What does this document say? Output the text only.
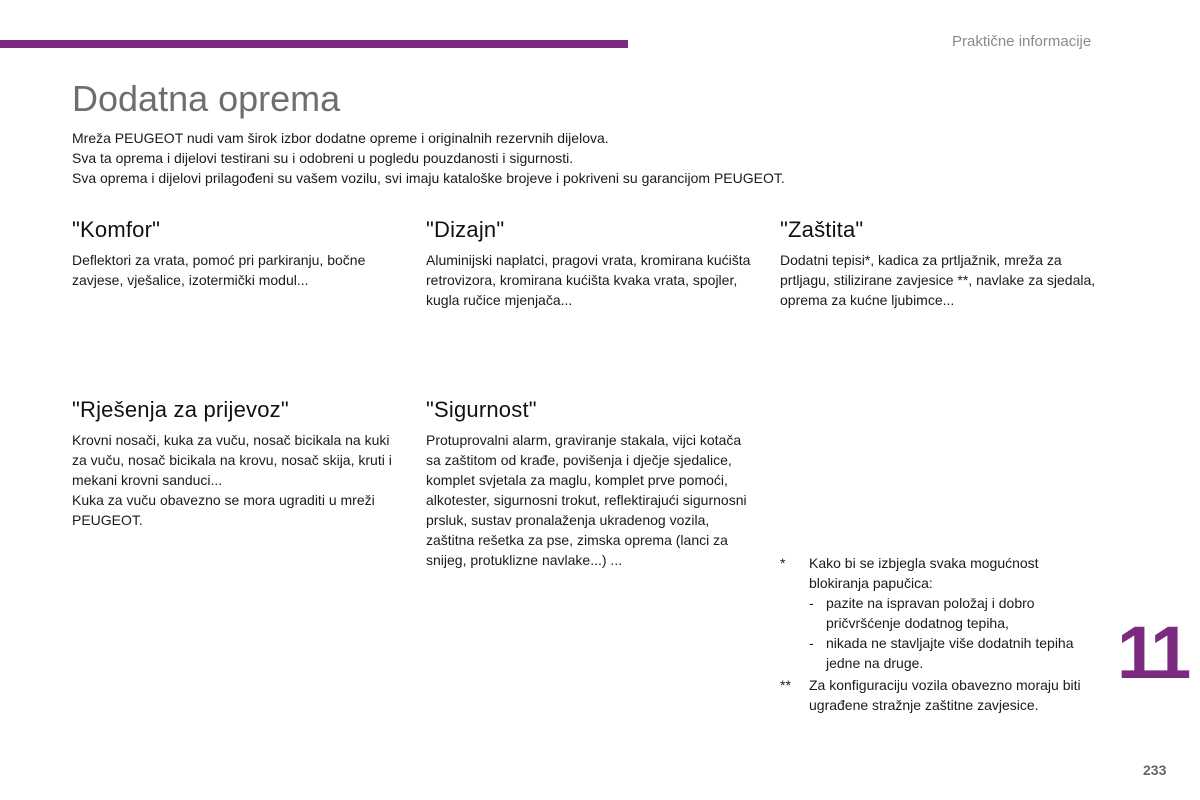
Praktične informacije
Dodatna oprema

Mreža PEUGEOT nudi vam širok izbor dodatne opreme i originalnih rezervnih dijelova.

Sva ta oprema i dijelovi testirani su i odobreni u pogledu pouzdanosti i sigurnosti.

Sva oprema i dijelovi prilagođeni su vašem vozilu, svi imaju kataloške brojeve i pokriveni su garancijom PEUGEOT.

"Komfor"

Deflektori za vrata, pomoć pri parkiranju, bočne zavjese, vješalice, izotermički modul...

"Dizajn"

Aluminijski naplatci, pragovi vrata, kromirana kućišta retrovizora, kromirana kućišta kvaka vrata, spojler, kugla ručice mjenjača...

"Zaštita"

Dodatni tepisi*, kadica za prtljažnik, mreža za prtljagu, stilizirane zavjesice **, navlake za sjedala, oprema za kućne ljubimce...

"Rješenja za prijevoz"

Krovni nosači, kuka za vuču, nosač bicikala na kuki za vuču, nosač bicikala na krovu, nosač skija, kruti i mekani krovni sanduci...

Kuka za vuču obavezno se mora ugraditi u mreži PEUGEOT.

"Sigurnost"

Protuprovalni alarm, graviranje stakala, vijci kotača sa zaštitom od krađe, povišenja i dječje sjedalice, komplet svjetala za maglu, komplet prve pomoći, alkotester, sigurnosni trokut, reflektirajući sigurnosni prsluk, sustav pronalaženja ukradenog vozila, zaštitna rešetka za pse, zimska oprema (lanci za snijeg, protuklizne navlake...) ...	* Kako bi se izbjegla svaka mogućnost blokiranja papučica:
- pazite na ispravan položaj i dobro pričvršćenje dodatnog tepiha,
- nikada ne stavljajte više dodatnih tepiha jedne na druge.
** Za konfiguraciju vozila obavezno moraju biti ugrađene stražnje zaštitne zavjesice.
11
233
